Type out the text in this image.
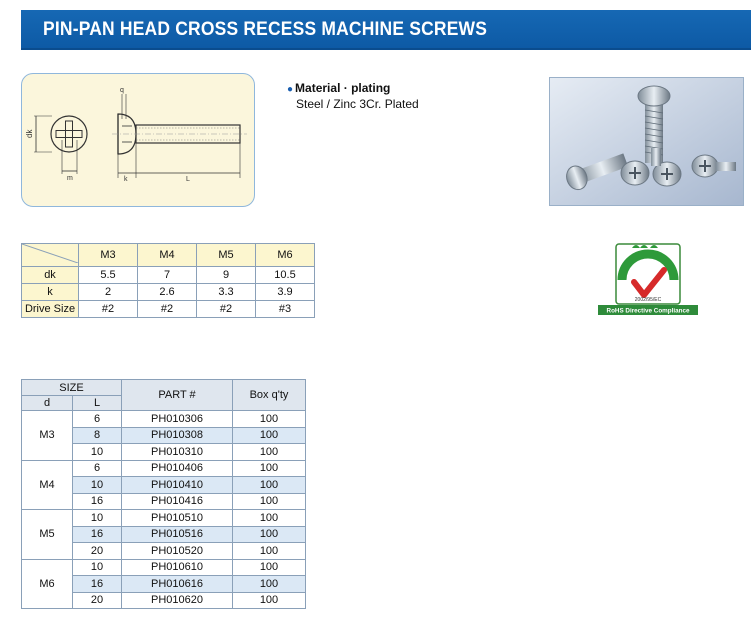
PIN-PAN HEAD CROSS RECESS MACHINE SCREWS
dk
m
q
k	L
● Material · plating
Steel / Zinc 3Cr. Plated
RoHS
2002/95/EC
RoHS Directive Compliance
	M3	M4	M5	M6
dk	5.5	7	9	10.5
k	2	2.6	3.3	3.9
Drive Size	#2	#2	#2	#3
SIZE		PART #	Box q'ty
d	L		
M3	6	PH010306	100
	8	PH010308	100
	10	PH010310	100
M4	6	PH010406	100
	10	PH010410	100
	16	PH010416	100
M5	10	PH010510	100
	16	PH010516	100
	20	PH010520	100
M6	10	PH010610	100
	16	PH010616	100
	20	PH010620	100
